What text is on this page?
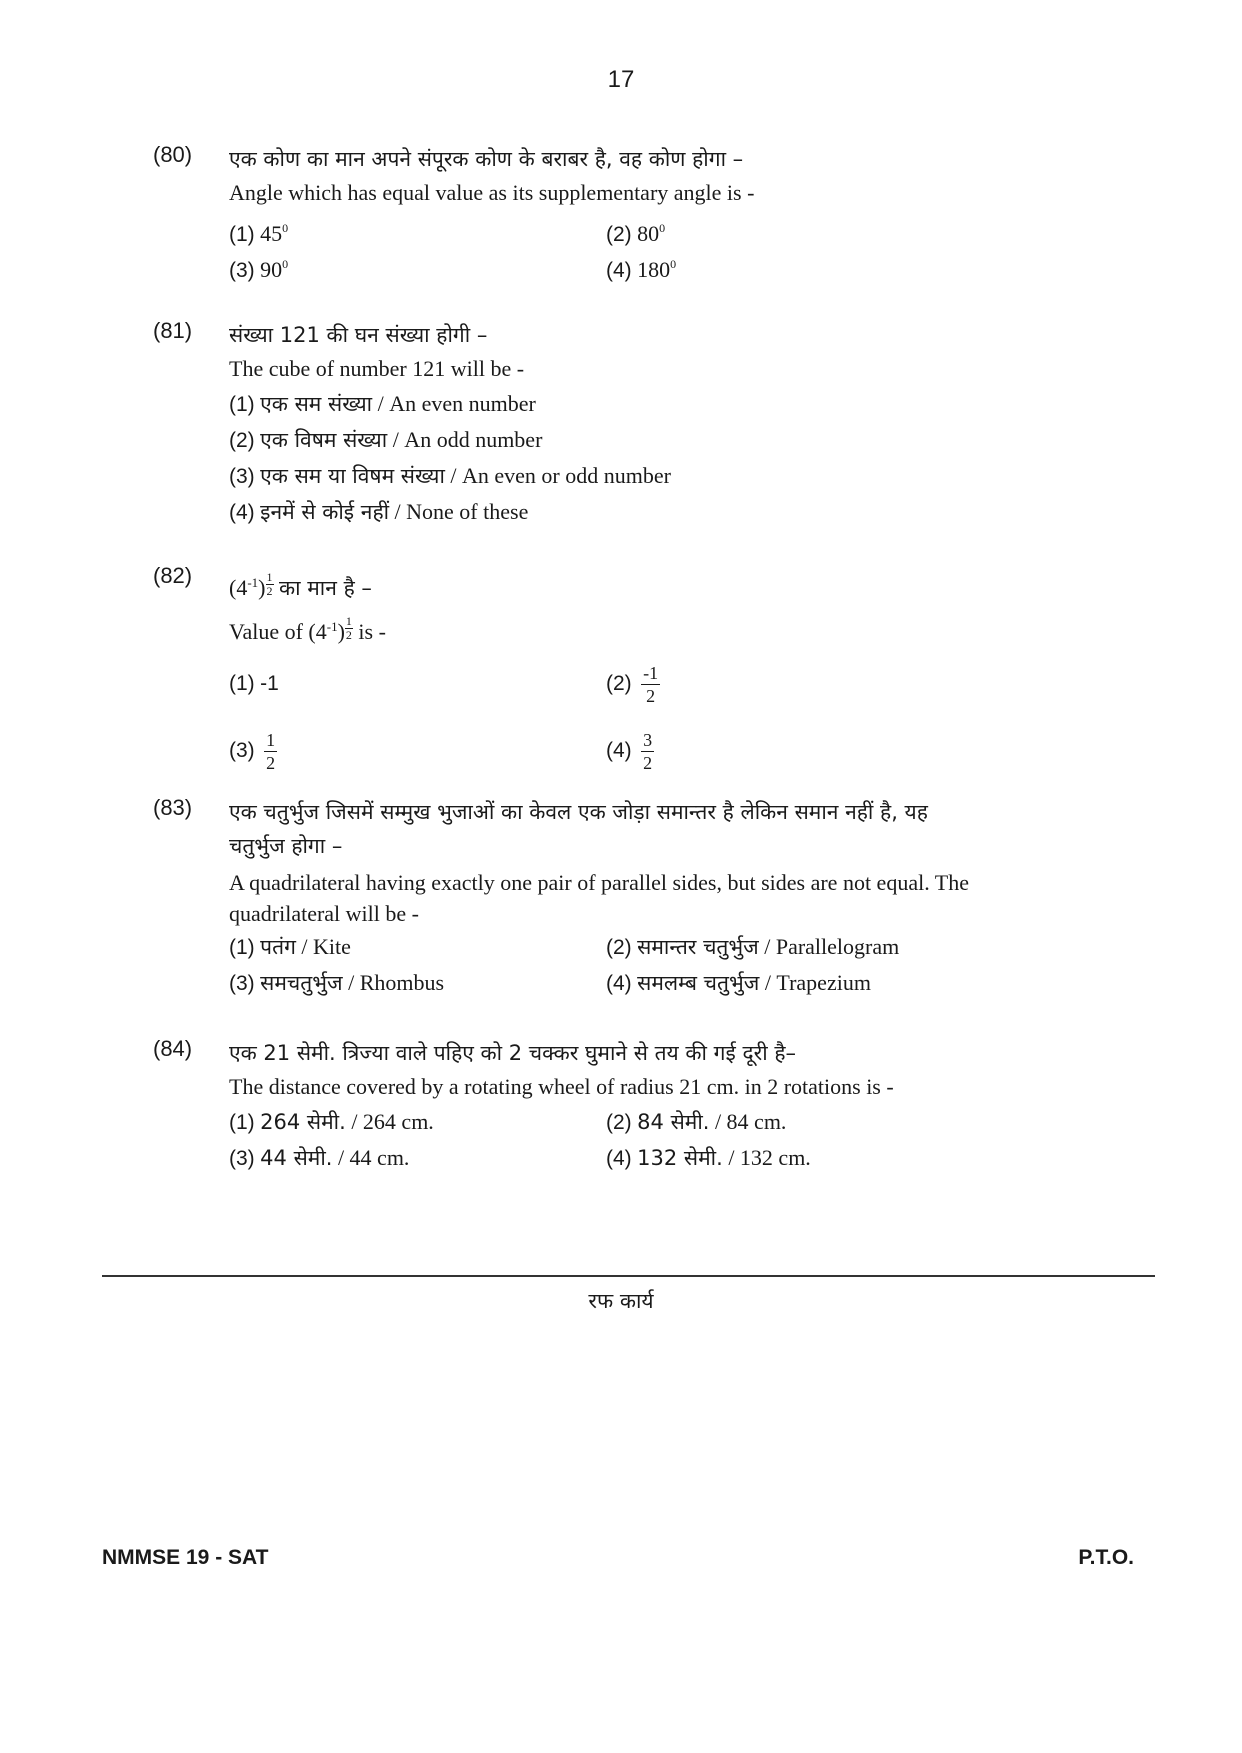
17
(80) एक कोण का मान अपने संपूरक कोण के बराबर है, वह कोण होगा –
Angle which has equal value as its supplementary angle is -
(1) $45^0$	(2) $80^0$
(3) $90^0$	(4) $180^0$
(81) संख्या 121 की घन संख्या होगी –
The cube of number 121 will be -
(1) एक सम संख्या / An even number
(2) एक विषम संख्या / An odd number
(3) एक सम या विषम संख्या / An even or odd number
(4) इनमें से कोई नहीं / None of these
(82) $(4^{-1}) \frac{1}{2}$ का मान है –
Value of $(4^{-1}) \frac{1}{2}$ is -
(1) -1	$(2) \frac{-1}{2}$
$(3) \frac{1}{2}$	$(4) \frac{3}{2}$
(83) एक चतुर्भुज जिसमें सम्मुख भुजाओं का केवल एक जोड़ा समान्तर है लेकिन समान नहीं है, यह
चतुर्भुज होगा –
A quadrilateral having exactly one pair of parallel sides, but sides are not equal. The
quadrilateral will be -
(1) पतंग / Kite	(2) समान्तर चतुर्भुज / Parallelogram
(3) समचतुर्भुज / Rhombus	(4) समलम्ब चतुर्भुज / Trapezium
(84) एक 21 सेमी. त्रिज्या वाले पहिए को 2 चक्कर घुमाने से तय की गई दूरी है–
The distance covered by a rotating wheel of radius 21 cm. in 2 rotations is -
(1) 264 सेमी. / 264 cm.	(2) 84 सेमी. / 84 cm.
(3) 44 सेमी. / 44 cm.	(4) 132 सेमी. / 132 cm.
रफ कार्य
NMMSE 19 - SAT	P.T.O.
